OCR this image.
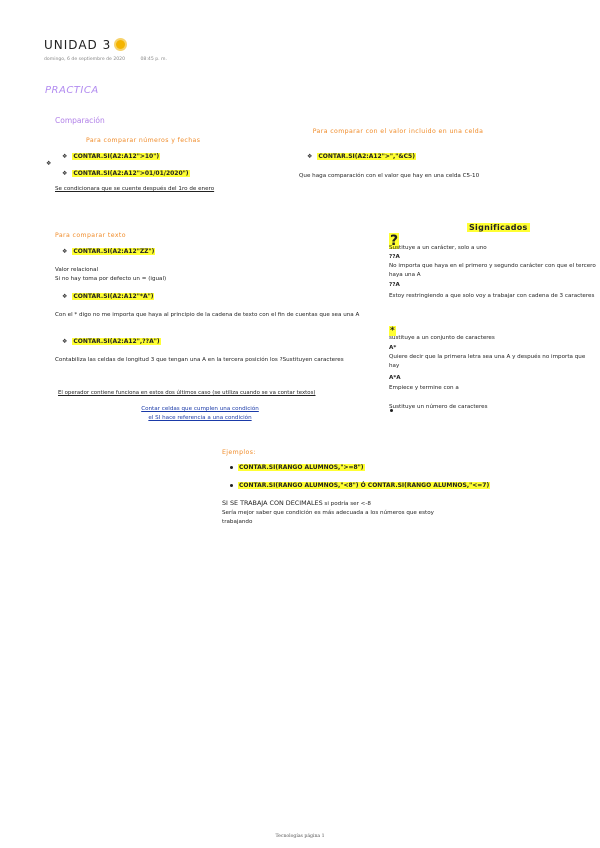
UNIDAD 3
domingo, 6 de septiembre de 2020	08:45 p. m.
PRACTICA
Comparación
Para comparar números y fechas
❖
❖ CONTAR.SI(A2:A12">10")
❖ CONTAR.SI(A2:A12">01/01/2020")
Se condicionara que se cuente después del 1ro de enero
Para comparar con el valor incluido en una celda
❖ CONTAR.SI(A2:A12">","&C5)
Que haga comparación con el valor que hay en una celda C5-10
Para comparar texto
❖ CONTAR.SI(A2:A12"ZZ")
Valor relacional
Si no hay toma por defecto un = (igual)
❖ CONTAR.SI(A2:A12"*A")
Con el * digo no me importa que haya al principio de la cadena de texto con el fin de cuentas que sea una A
❖ CONTAR.SI(A2:A12",??A")
Contabiliza las celdas de longitud 3 que tengan una A en la tercera posición los ?Sustituyen caracteres
El operador contiene funciona en estos dos últimos caso (se utiliza cuando se va contar textos)
Contar celdas que cumplen una condición
el SI hace referencia a una condición
Significados
?
Sustituye a un carácter, solo a uno
??A
No importa que haya en el primero y segundo carácter con que el tercero haya una A
??A
Estoy restringiendo a que solo voy a trabajar con cadena de 3 caracteres
*
sustituye a un conjunto de caracteres
A*
Quiere decir que la primera letra sea una A y después no importa que hay
A*A
Empiece y termine con a
Sustituye un número de caracteres
Ejemplos:
CONTAR.SI(RANGO ALUMNOS,">=8")
CONTAR.SI(RANGO ALUMNOS,"<8") Ó CONTAR.SI(RANGO ALUMNOS,"<=7)
SI SE TRABAJA CON DECIMALES si podría ser <-8
Sería mejor saber que condición es más adecuada a los números que estoy trabajando
Tecnologías página 1
